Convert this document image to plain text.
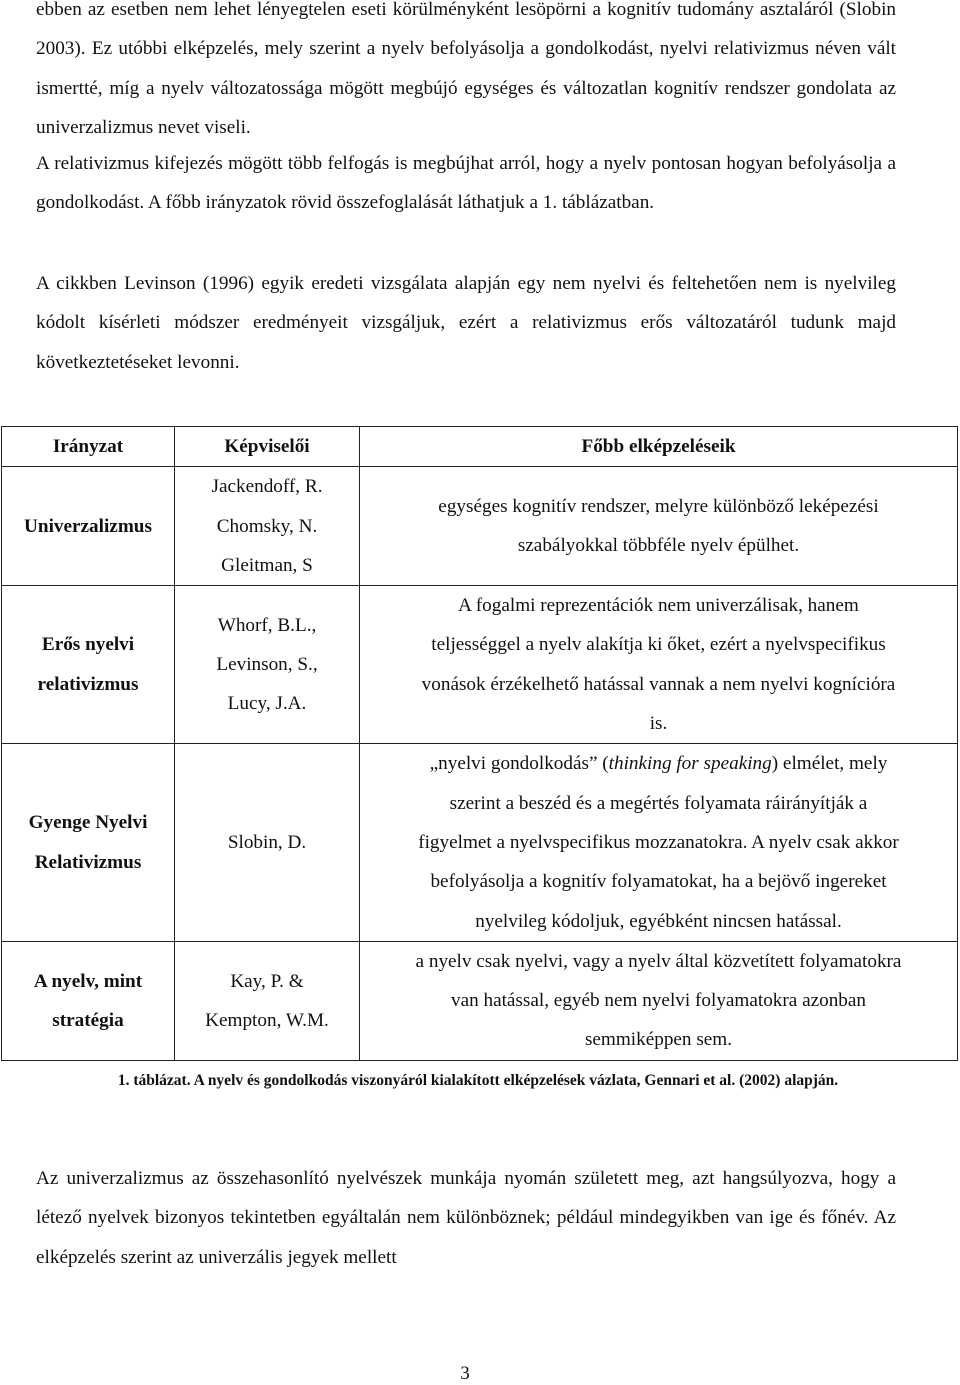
ebben az esetben nem lehet lényegtelen eseti körülményként lesöpörni a kognitív tudomány asztaláról (Slobin 2003). Ez utóbbi elképzelés, mely szerint a nyelv befolyásolja a gondolkodást, nyelvi relativizmus néven vált ismertté, míg a nyelv változatossága mögött megbújó egységes és változatlan kognitív rendszer gondolata az univerzalizmus nevet viseli.

A relativizmus kifejezés mögött több felfogás is megbújhat arról, hogy a nyelv pontosan hogyan befolyásolja a gondolkodást. A főbb irányzatok rövid összefoglalását láthatjuk a 1. táblázatban.

A cikkben Levinson (1996) egyik eredeti vizsgálata alapján egy nem nyelvi és feltehetően nem is nyelvileg kódolt kísérleti módszer eredményeit vizsgáljuk, ezért a relativizmus erős változatáról tudunk majd következtetéseket levonni.

Irányzat	Képviselői	Főbb elképzeléseik

Univerzalizmus	Jackendoff, R.
Chomsky, N.
Gleitman, S	egységes kognitív rendszer, melyre különböző leképezési
szabályokkal többféle nyelv épülhet.

Erős nyelvi
relativizmus	Whorf, B.L.,
Levinson, S.,
Lucy, J.A.	A fogalmi reprezentációk nem univerzálisak, hanem
teljességgel a nyelv alakítja ki őket, ezért a nyelvspecifikus
vonások érzékelhető hatással vannak a nem nyelvi kogníciόra
is.

Gyenge Nyelvi
Relativizmus	Slobin, D.	„nyelvi gondolkodás” (thinking for speaking) elmélet, mely
szerint a beszéd és a megértés folyamata ráirányítják a
figyelmet a nyelvspecifikus mozzanatokra. A nyelv csak akkor
befolyásolja a kognitív folyamatokat, ha a bejövő ingereket
nyelvileg kódoljuk, egyébként nincsen hatással.

A nyelv, mint
stratégia	Kay, P. &
Kempton, W.M.	a nyelv csak nyelvi, vagy a nyelv által közvetített folyamatokra
van hatással, egyéb nem nyelvi folyamatokra azonban
semmiképpen sem.
1. táblázat. A nyelv és gondolkodás viszonyáról kialakított elképzelések vázlata, Gennari et al. (2002) alapján.

Az univerzalizmus az összehasonlító nyelvészek munkája nyomán született meg, azt hangsúlyozva, hogy a létező nyelvek bizonyos tekintetben egyáltalán nem különböznek; például mindegyikben van ige és főnév. Az elképzelés szerint az univerzális jegyek mellett

3
